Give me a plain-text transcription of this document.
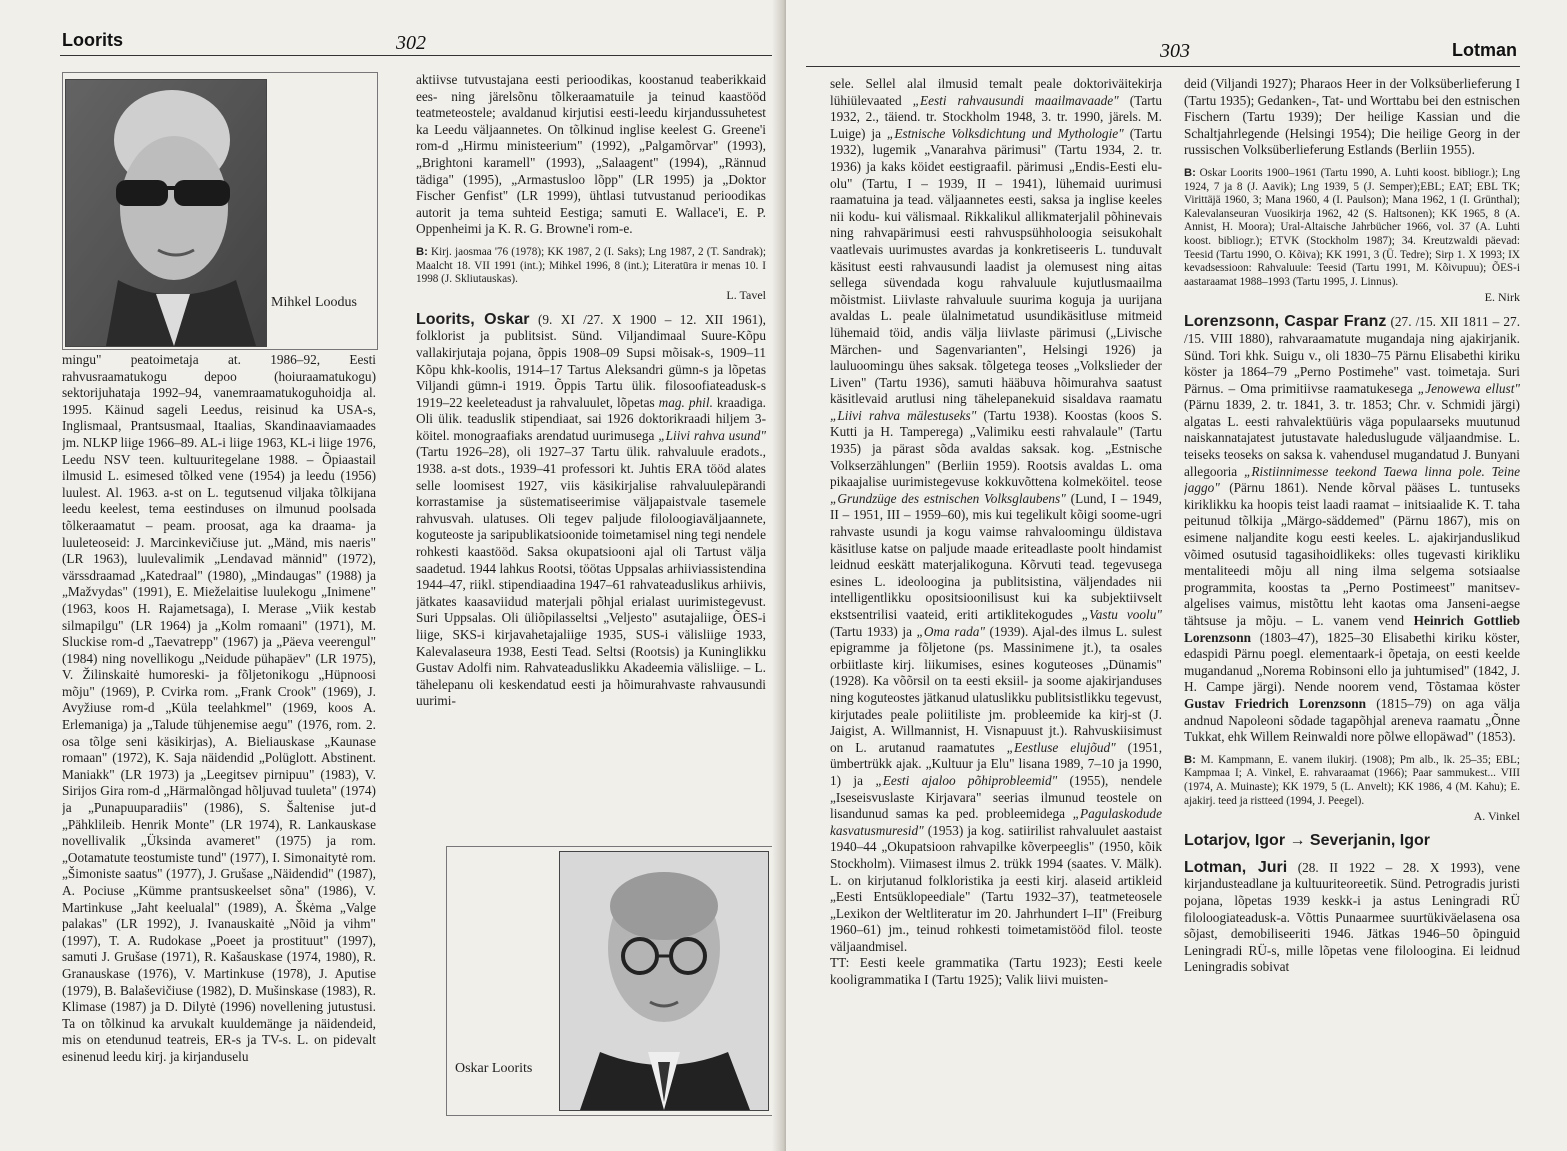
Loorits	302
Mihkel Loodus

mingu" peatoimetaja at. 1986–92, Eesti rahvusraamatukogu depoo (hoiuraamatukogu) sektorijuhataja 1992–94, vanemraamatukoguhoidja al. 1995. Käinud sageli Leedus, reisinud ka USA-s, Inglismaal, Prantsusmaal, Itaalias, Skandinaaviamaades jm. NLKP liige 1966–89. AL-i liige 1963, KL-i liige 1976, Leedu NSV teen. kultuuritegelane 1988. – Õpiaastail ilmusid L. esimesed tõlked vene (1954) ja leedu (1956) luulest. Al. 1963. a-st on L. tegutsenud viljaka tõlkijana leedu keelest, tema eestinduses on ilmunud poolsada tõlkeraamatut – peam. proosat, aga ka draama- ja luuleteoseid: J. Marcinkevičiuse jut. „Mänd, mis naeris" (LR 1963), luulevalimik „Lendavad männid" (1972), värssdraamad „Katedraal" (1980), „Mindaugas" (1988) ja „Mažvydas" (1991), E. Mieželaitise luulekogu „Inimene" (1963, koos H. Rajametsaga), I. Merase „Viik kestab silmapilgu" (LR 1964) ja „Kolm romaani" (1971), M. Sluckise rom-d „Taevatrepp" (1967) ja „Päeva veerengul" (1984) ning novellikogu „Neidude pühapäev" (LR 1975), V. Žilinskaitė humoreski- ja fõljetonikogu „Hüpnoosi mõju" (1969), P. Cvirka rom. „Frank Crook" (1969), J. Avyžiuse rom-d „Küla teelahkmel" (1969, koos A. Erlemaniga) ja „Talude tühjenemise aegu" (1976, rom. 2. osa tõlge seni käsikirjas), A. Bieliauskase „Kaunase romaan" (1972), K. Saja näidendid „Polüglott. Abstinent. Maniakk" (LR 1973) ja „Leegitsev pirnipuu" (1983), V. Sirijos Gira rom-d „Härmalõngad hõljuvad tuuleta" (1974) ja „Punapuuparadiis" (1986), S. Šaltenise jut-d „Pähklileib. Henrik Monte" (LR 1974), R. Lankauskase novellivalik „Üksinda avameret" (1975) ja rom. „Ootamatute teostumiste tund" (1977), I. Simonaitytė rom. „Šimoniste saatus" (1977), J. Grušase „Näidendid" (1987), A. Pociuse „Kümme prantsuskeelset sõna" (1986), V. Martinkuse „Jaht keelualal" (1989), A. Škėma „Valge palakas" (LR 1992), J. Ivanauskaitė „Nõid ja vihm" (1997), T. A. Rudokase „Poeet ja prostituut" (1997), samuti J. Grušase (1971), R. Kašauskase (1974, 1980), R. Granauskase (1976), V. Martinkuse (1978), J. Aputise (1979), B. Balaševičiuse (1982), D. Mušinskase (1983), R. Klimase (1987) ja D. Dilytė (1996) novellening jutustusi. Ta on tõlkinud ka arvukalt kuuldemänge ja näidendeid, mis on etendunud teatreis, ER-s ja TV-s. L. on pidevalt esinenud leedu kirj. ja kirjanduselu

aktiivse tutvustajana eesti perioodikas, koostanud teaberikkaid ees- ning järelsõnu tõlkeraamatuile ja teinud kaastööd teatmeteostele; avaldanud kirjutisi eesti-leedu kirjandussuhetest ka Leedu väljaannetes. On tõlkinud inglise keelest G. Greene'i rom-d „Hirmu ministeerium" (1992), „Palgamõrvar" (1993), „Brightoni karamell" (1993), „Salaagent" (1994), „Rännud tädiga" (1995), „Armastusloo lõpp" (LR 1995) ja „Doktor Fischer Genfist" (LR 1999), ühtlasi tutvustanud perioodikas autorit ja tema suhteid Eestiga; samuti E. Wallace'i, E. P. Oppenheimi ja K. R. G. Browne'i rom-e.

B: Kirj. jaosmaa '76 (1978); KK 1987, 2 (I. Saks); Lng 1987, 2 (T. Sandrak); Maalcht 18. VII 1991 (int.); Mihkel 1996, 8 (int.); Literatūra ir menas 10. I 1998 (J. Skliutauskas).

L. Tavel

Loorits, Oskar (9. XI /27. X 1900 – 12. XII 1961), folklorist ja publitsist. Sünd. Viljandimaal Suure-Kõpu vallakirjutaja pojana, õppis 1908–09 Supsi mõisak-s, 1909–11 Kõpu khk-koolis, 1914–17 Tartus Aleksandri gümn-s ja lõpetas Viljandi gümn-i 1919. Õppis Tartu ülik. filosoofiateadusk-s 1919–22 keeleteadust ja rahvaluulet, lõpetas mag. phil. kraadiga. Oli ülik. teaduslik stipendiaat, sai 1926 doktorikraadi hiljem 3-köitel. monograafiaks arendatud uurimusega „Liivi rahva usund" (Tartu 1926–28), oli 1927–37 Tartu ülik. rahvaluule eradots., 1938. a-st dots., 1939–41 professori kt. Juhtis ERA tööd alates selle loomisest 1927, viis käsikirjalise rahvaluulepärandi korrastamise ja süstematiseerimise väljapaistvale tasemele rahvusvah. ulatuses. Oli tegev paljude filoloogiaväljaannete, koguteoste ja saripublikatsioonide toimetamisel ning tegi nendele rohkesti kaastööd. Saksa okupatsiooni ajal oli Tartust välja saadetud. 1944 lahkus Rootsi, töötas Uppsalas arhiiviassistendina 1944–47, riikl. stipendiaadina 1947–61 rahvateaduslikus arhiivis, jätkates kaasaviidud materjali põhjal erialast uurimistegevust. Suri Uppsalas. Oli üliõpilasseltsi „Veljesto" asutajaliige, ÕES-i liige, SKS-i kirjavahetajaliige 1935, SUS-i välisliige 1933, Kalevalaseura 1938, Eesti Tead. Seltsi (Rootsis) ja Kuninglikku Gustav Adolfi nim. Rahvateaduslikku Akadeemia välisliige. – L. tähelepanu oli keskendatud eesti ja hõimurahvaste rahvausundi uurimi-

Oskar Loorits
303	Lotman

sele. Sellel alal ilmusid temalt peale doktoriväitekirja lühiülevaated „Eesti rahvausundi maailmavaade" (Tartu 1932, 2., täiend. tr. Stockholm 1948, 3. tr. 1990, järels. M. Luige) ja „Estnische Volksdichtung und Mythologie" (Tartu 1932), lugemik „Vanarahva pärimusi" (Tartu 1934, 2. tr. 1936) ja kaks köidet eestigraafil. pärimusi „Endis-Eesti elu-olu" (Tartu, I – 1939, II – 1941), lühemaid uurimusi raamatuina ja tead. väljaannetes eesti, saksa ja inglise keeles nii kodu- kui välismaal. Rikkalikul allikmaterjalil põhinevais ning rahvapärimusi eesti rahvuspsühholoogia seisukohalt vaatlevais uurimustes avardas ja konkretiseeris L. tunduvalt käsitust eesti rahvausundi laadist ja olemusest ning aitas sellega süvendada kogu rahvaluule kujutlusmaailma mõistmist. Liivlaste rahvaluule suurima koguja ja uurijana avaldas L. peale ülalnimetatud usundikäsitluse mitmeid lühemaid töid, andis välja liivlaste pärimusi („Livische Märchen- und Sagenvarianten", Helsingi 1926) ja lauluoomingu ühes saksak. tõlgetega teoses „Volkslieder der Liven" (Tartu 1936), samuti hääbuva hõimurahva saatust käsitlevaid arutlusi ning tähelepanekuid sisaldava raamatu „Liivi rahva mälestuseks" (Tartu 1938). Koostas (koos S. Kutti ja H. Tamperega) „Valimiku eesti rahvalaule" (Tartu 1935) ja pärast sõda avaldas saksak. kog. „Estnische Volkserzählungen" (Berliin 1959). Rootsis avaldas L. oma pikaajalise uurimistegevuse kokkuvõttena kolmeköitel. teose „Grundzüge des estnischen Volksglaubens" (Lund, I – 1949, II – 1951, III – 1959–60), mis kui tegelikult kõigi soome-ugri rahvaste usundi ja kogu vaimse rahvaloomingu üldistava käsitluse katse on paljude maade eriteadlaste poolt hindamist leidnud eeskätt materjalikoguna. Kõrvuti tead. tegevusega esines L. ideoloogina ja publitsistina, väljendades nii intelligentlikku opositsioonilisust kui ka subjektiivselt ekstsentrilisi vaateid, eriti artiklitekogudes „Vastu voolu" (Tartu 1933) ja „Oma rada" (1939). Ajal-des ilmus L. sulest epigramme ja fõljetone (ps. Massinimene jt.), ta osales orbiitlaste kirj. liikumises, esines koguteoses „Dünamis" (1928). Ka võõrsil on ta eesti eksiil- ja soome ajakirjanduses ning koguteostes jätkanud ulatuslikku publitsistlikku tegevust, kirjutades peale poliitiliste jm. probleemide ka kirj-st (J. Jaigist, A. Willmannist, H. Visnapuust jt.). Rahvuskiisimust on L. arutanud raamatutes „Eestluse elujõud" (1951, ümbertrükk ajak. „Kultuur ja Elu" lisana 1989, 7–10 ja 1990, 1) ja „Eesti ajaloo põhiprobleemid" (1955), nendele „Iseseisvuslaste Kirjavara" seerias ilmunud teostele on lisandunud samas ka ped. probleemidega „Pagulaskodude kasvatusmuresid" (1953) ja kog. satiirilist rahvaluulet aastaist 1940–44 „Okupatsioon rahvapilke kõverpeeglis" (1950, kõik Stockholm). Viimasest ilmus 2. trükk 1994 (saates. V. Mälk). L. on kirjutanud folkloristika ja eesti kirj. alaseid artikleid „Eesti Entsüklopeediale" (Tartu 1932–37), teatmeteosele „Lexikon der Weltliteratur im 20. Jahrhundert I–II" (Freiburg 1960–61) jm., teinud rohkesti toimetamistööd filol. teoste väljaandmisel.

TT: Eesti keele grammatika (Tartu 1923); Eesti keele kooligrammatika I (Tartu 1925); Valik liivi muisten-

deid (Viljandi 1927); Pharaos Heer in der Volksüberlieferung I (Tartu 1935); Gedanken-, Tat- und Worttabu bei den estnischen Fischern (Tartu 1939); Der heilige Kassian und die Schaltjahrlegende (Helsingi 1954); Die heilige Georg in der russischen Volksüberlieferung Estlands (Berliin 1955).

B: Oskar Loorits 1900–1961 (Tartu 1990, A. Luhti koost. bibliogr.); Lng 1924, 7 ja 8 (J. Aavik); Lng 1939, 5 (J. Semper);EBL; EAT; EBL TK; Virittäjä 1960, 3; Mana 1960, 4 (I. Paulson); Mana 1962, 1 (I. Grünthal); Kalevalanseuran Vuosikirja 1962, 42 (S. Haltsonen); KK 1965, 8 (A. Annist, H. Moora); Ural-Altaische Jahrbücher 1966, vol. 37 (A. Luhti koost. bibliogr.); ETVK (Stockholm 1987); 34. Kreutzwaldi päevad: Teesid (Tartu 1990, O. Kõiva); KK 1991, 3 (Ü. Tedre); Sirp 1. X 1993; IX kevadsessioon: Rahvaluule: Teesid (Tartu 1991, M. Kõivupuu); ÕES-i aastaraamat 1988–1993 (Tartu 1995, J. Linnus).

E. Nirk

Lorenzsonn, Caspar Franz (27. /15. XII 1811 – 27. /15. VIII 1880), rahvaraamatute mugandaja ning ajakirjanik. Sünd. Tori khk. Suigu v., oli 1830–75 Pärnu Elisabethi kiriku köster ja 1864–79 „Perno Postimehe" vast. toimetaja. Suri Pärnus. – Oma primitiivse raamatukesega „Jenowewa ellust" (Pärnu 1839, 2. tr. 1841, 3. tr. 1853; Chr. v. Schmidi järgi) algatas L. eesti rahvalektüüris väga populaarseks muutunud naiskannatajatest jutustavate haleduslugude väljaandmise. L. teiseks teoseks on saksa k. vahendusel mugandatud J. Bunyani allegooria „Ristiinnimesse teekond Taewa linna pole. Teine jaggo" (Pärnu 1861). Nende kõrval pääses L. tuntuseks kiriklikku ka hoopis teist laadi raamat – initsiaalide K. T. taha peitunud tõlkija „Märgo-säddemed" (Pärnu 1867), mis on esimene naljandite kogu eesti keeles. L. ajakirjanduslikud võimed osutusid tagasihoidlikeks: olles tugevasti kirikliku mentaliteedi mõju all ning ilma selgema sotsiaalse programmita, koostas ta „Perno Postimeest" manitsev-algelises vaimus, mistõttu leht kaotas oma Janseni-aegse tähtsuse ja mõju. – L. vanem vend Heinrich Gottlieb Lorenzsonn (1803–47), 1825–30 Elisabethi kiriku köster, edaspidi Pärnu poegl. elementaark-i õpetaja, on eesti keelde mugandanud „Norema Robinsoni ello ja juhtumised" (1842, J. H. Campe järgi). Nende noorem vend, Tõstamaa köster Gustav Friedrich Lorenzsonn (1815–79) on aga välja andnud Napoleoni sõdade tagapõhjal areneva raamatu „Õnne Tukkat, ehk Willem Reinwaldi nore põlwe ellopäwad" (1853).

B: M. Kampmann, E. vanem ilukirj. (1908); Pm alb., lk. 25–35; EBL; Kampmaa I; A. Vinkel, E. rahvaraamat (1966); Paar sammukest... VIII (1974, A. Muinaste); KK 1979, 5 (L. Anvelt); KK 1986, 4 (M. Kahu); E. ajakirj. teed ja ristteed (1994, J. Peegel).

A. Vinkel

Lotarjov, Igor → Severjanin, Igor

Lotman, Juri (28. II 1922 – 28. X 1993), vene kirjandusteadlane ja kultuuriteoreetik. Sünd. Petrogradis juristi pojana, lõpetas 1939 keskk-i ja astus Leningradi RÜ filoloogiateadusk-a. Võttis Punaarmee suurtükiväelasena osa sõjast, demobiliseeriti 1946. Jätkas 1946–50 õpinguid Leningradi RÜ-s, mille lõpetas vene filoloogina. Ei leidnud Leningradis sobivat
